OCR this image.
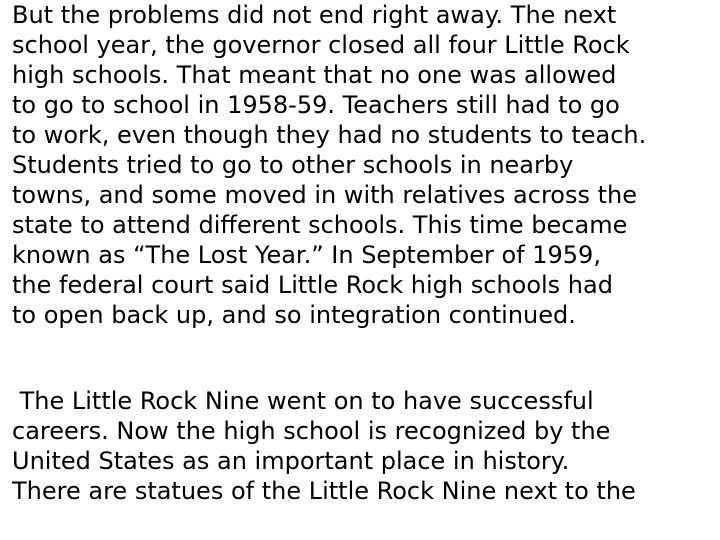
But the problems did not end right away. The next
school year, the governor closed all four Little Rock
high schools. That meant that no one was allowed
to go to school in 1958-59. Teachers still had to go
to work, even though they had no students to teach.
Students tried to go to other schools in nearby
towns, and some moved in with relatives across the
state to attend different schools. This time became
known as “The Lost Year.” In September of 1959,
the federal court said Little Rock high schools had
to open back up, and so integration continued.
The Little Rock Nine went on to have successful
careers. Now the high school is recognized by the
United States as an important place in history.
There are statues of the Little Rock Nine next to the
